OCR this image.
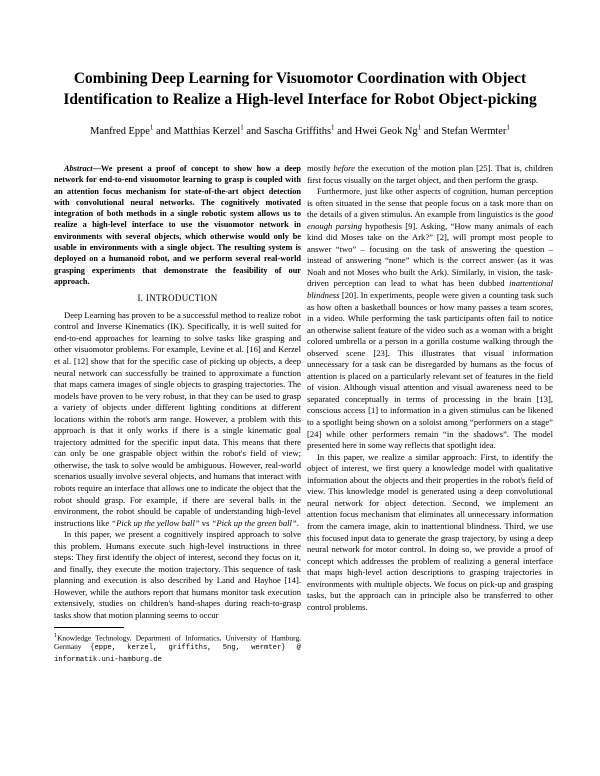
Combining Deep Learning for Visuomotor Coordination with Object
Identification to Realize a High-level Interface for Robot Object-picking
Manfred Eppe$^1$ and Matthias Kerzel$^1$ and Sascha Griffiths$^1$ and Hwei Geok Ng$^1$ and Stefan Wermter$^1$

Abstract—We present a proof of concept to show how a deep network for end-to-end visuomotor learning to grasp is coupled with an attention focus mechanism for state-of-the-art object detection with convolutional neural networks. The cognitively motivated integration of both methods in a single robotic system allows us to realize a high-level interface to use the visuomotor network in environments with several objects, which otherwise would only be usable in environments with a single object. The resulting system is deployed on a humanoid robot, and we perform several real-world grasping experiments that demonstrate the feasibility of our approach.

I. INTRODUCTION

Deep Learning has proven to be a successful method to realize robot control and Inverse Kinematics (IK). Specifically, it is well suited for end-to-end approaches for learning to solve tasks like grasping and other visuomotor problems. For example, Levine et al. [16] and Kerzel et al. [12] show that for the specific case of picking up objects, a deep neural network can successfully be trained to approximate a function that maps camera images of single objects to grasping trajectories. The models have proven to be very robust, in that they can be used to grasp a variety of objects under different lighting conditions at different locations within the robot's arm range. However, a problem with this approach is that it only works if there is a single kinematic goal trajectory admitted for the specific input data. This means that there can only be one graspable object within the robot's field of view; otherwise, the task to solve would be ambiguous. However, real-world scenarios usually involve several objects, and humans that interact with robots require an interface that allows one to indicate the object that the robot should grasp. For example, if there are several balls in the environment, the robot should be capable of understanding high-level instructions like “Pick up the yellow ball” vs “Pick up the green ball”.

In this paper, we present a cognitively inspired approach to solve this problem. Humans execute such high-level instructions in three steps: They first identify the object of interest, second they focus on it, and finally, they execute the motion trajectory. This sequence of task planning and execution is also described by Land and Hayhoe [14]. However, while the authors report that humans monitor task execution extensively, studies on children's hand-shapes during reach-to-grasp tasks show that motion planning seems to occur

$^1$Knowledge Technology, Department of Informatics, University of Hamburg, Germany {eppe, kerzel, griffiths, 5ng, wermter} @ informatik.uni-hamburg.de

mostly before the execution of the motion plan [25]. That is, children first focus visually on the target object, and then perform the grasp.

Furthermore, just like other aspects of cognition, human perception is often situated in the sense that people focus on a task more than on the details of a given stimulus. An example from linguistics is the good enough parsing hypothesis [9]. Asking, “How many animals of each kind did Moses take on the Ark?” [2], will prompt most people to answer “two” – focusing on the task of answering the question – instead of answering “none” which is the correct answer (as it was Noah and not Moses who built the Ark). Similarly, in vision, the task-driven perception can lead to what has been dubbed inattentional blindness [20]. In experiments, people were given a counting task such as how often a basketball bounces or how many passes a team scores, in a video. While performing the task participants often fail to notice an otherwise salient feature of the video such as a woman with a bright colored umbrella or a person in a gorilla costume walking through the observed scene [23]. This illustrates that visual information unnecessary for a task can be disregarded by humans as the focus of attention is placed on a particularly relevant set of features in the field of vision. Although visual attention and visual awareness need to be separated conceptually in terms of processing in the brain [13], conscious access [1] to information in a given stimulus can be likened to a spotlight being shown on a soloist among “performers on a stage” [24] while other performers remain “in the shadows”. The model presented here in some way reflects that spotlight idea.

In this paper, we realize a similar approach: First, to identify the object of interest, we first query a knowledge model with qualitative information about the objects and their properties in the robot's field of view. This knowledge model is generated using a deep convolutional neural network for object detection. Second, we implement an attention focus mechanism that eliminates all unnecessary information from the camera image, akin to inattentional blindness. Third, we use this focused input data to generate the grasp trajectory, by using a deep neural network for motor control. In doing so, we provide a proof of concept which addresses the problem of realizing a general interface that maps high-level action descriptions to grasping trajectories in environments with multiple objects. We focus on pick-up and grasping tasks, but the approach can in principle also be transferred to other control problems.
